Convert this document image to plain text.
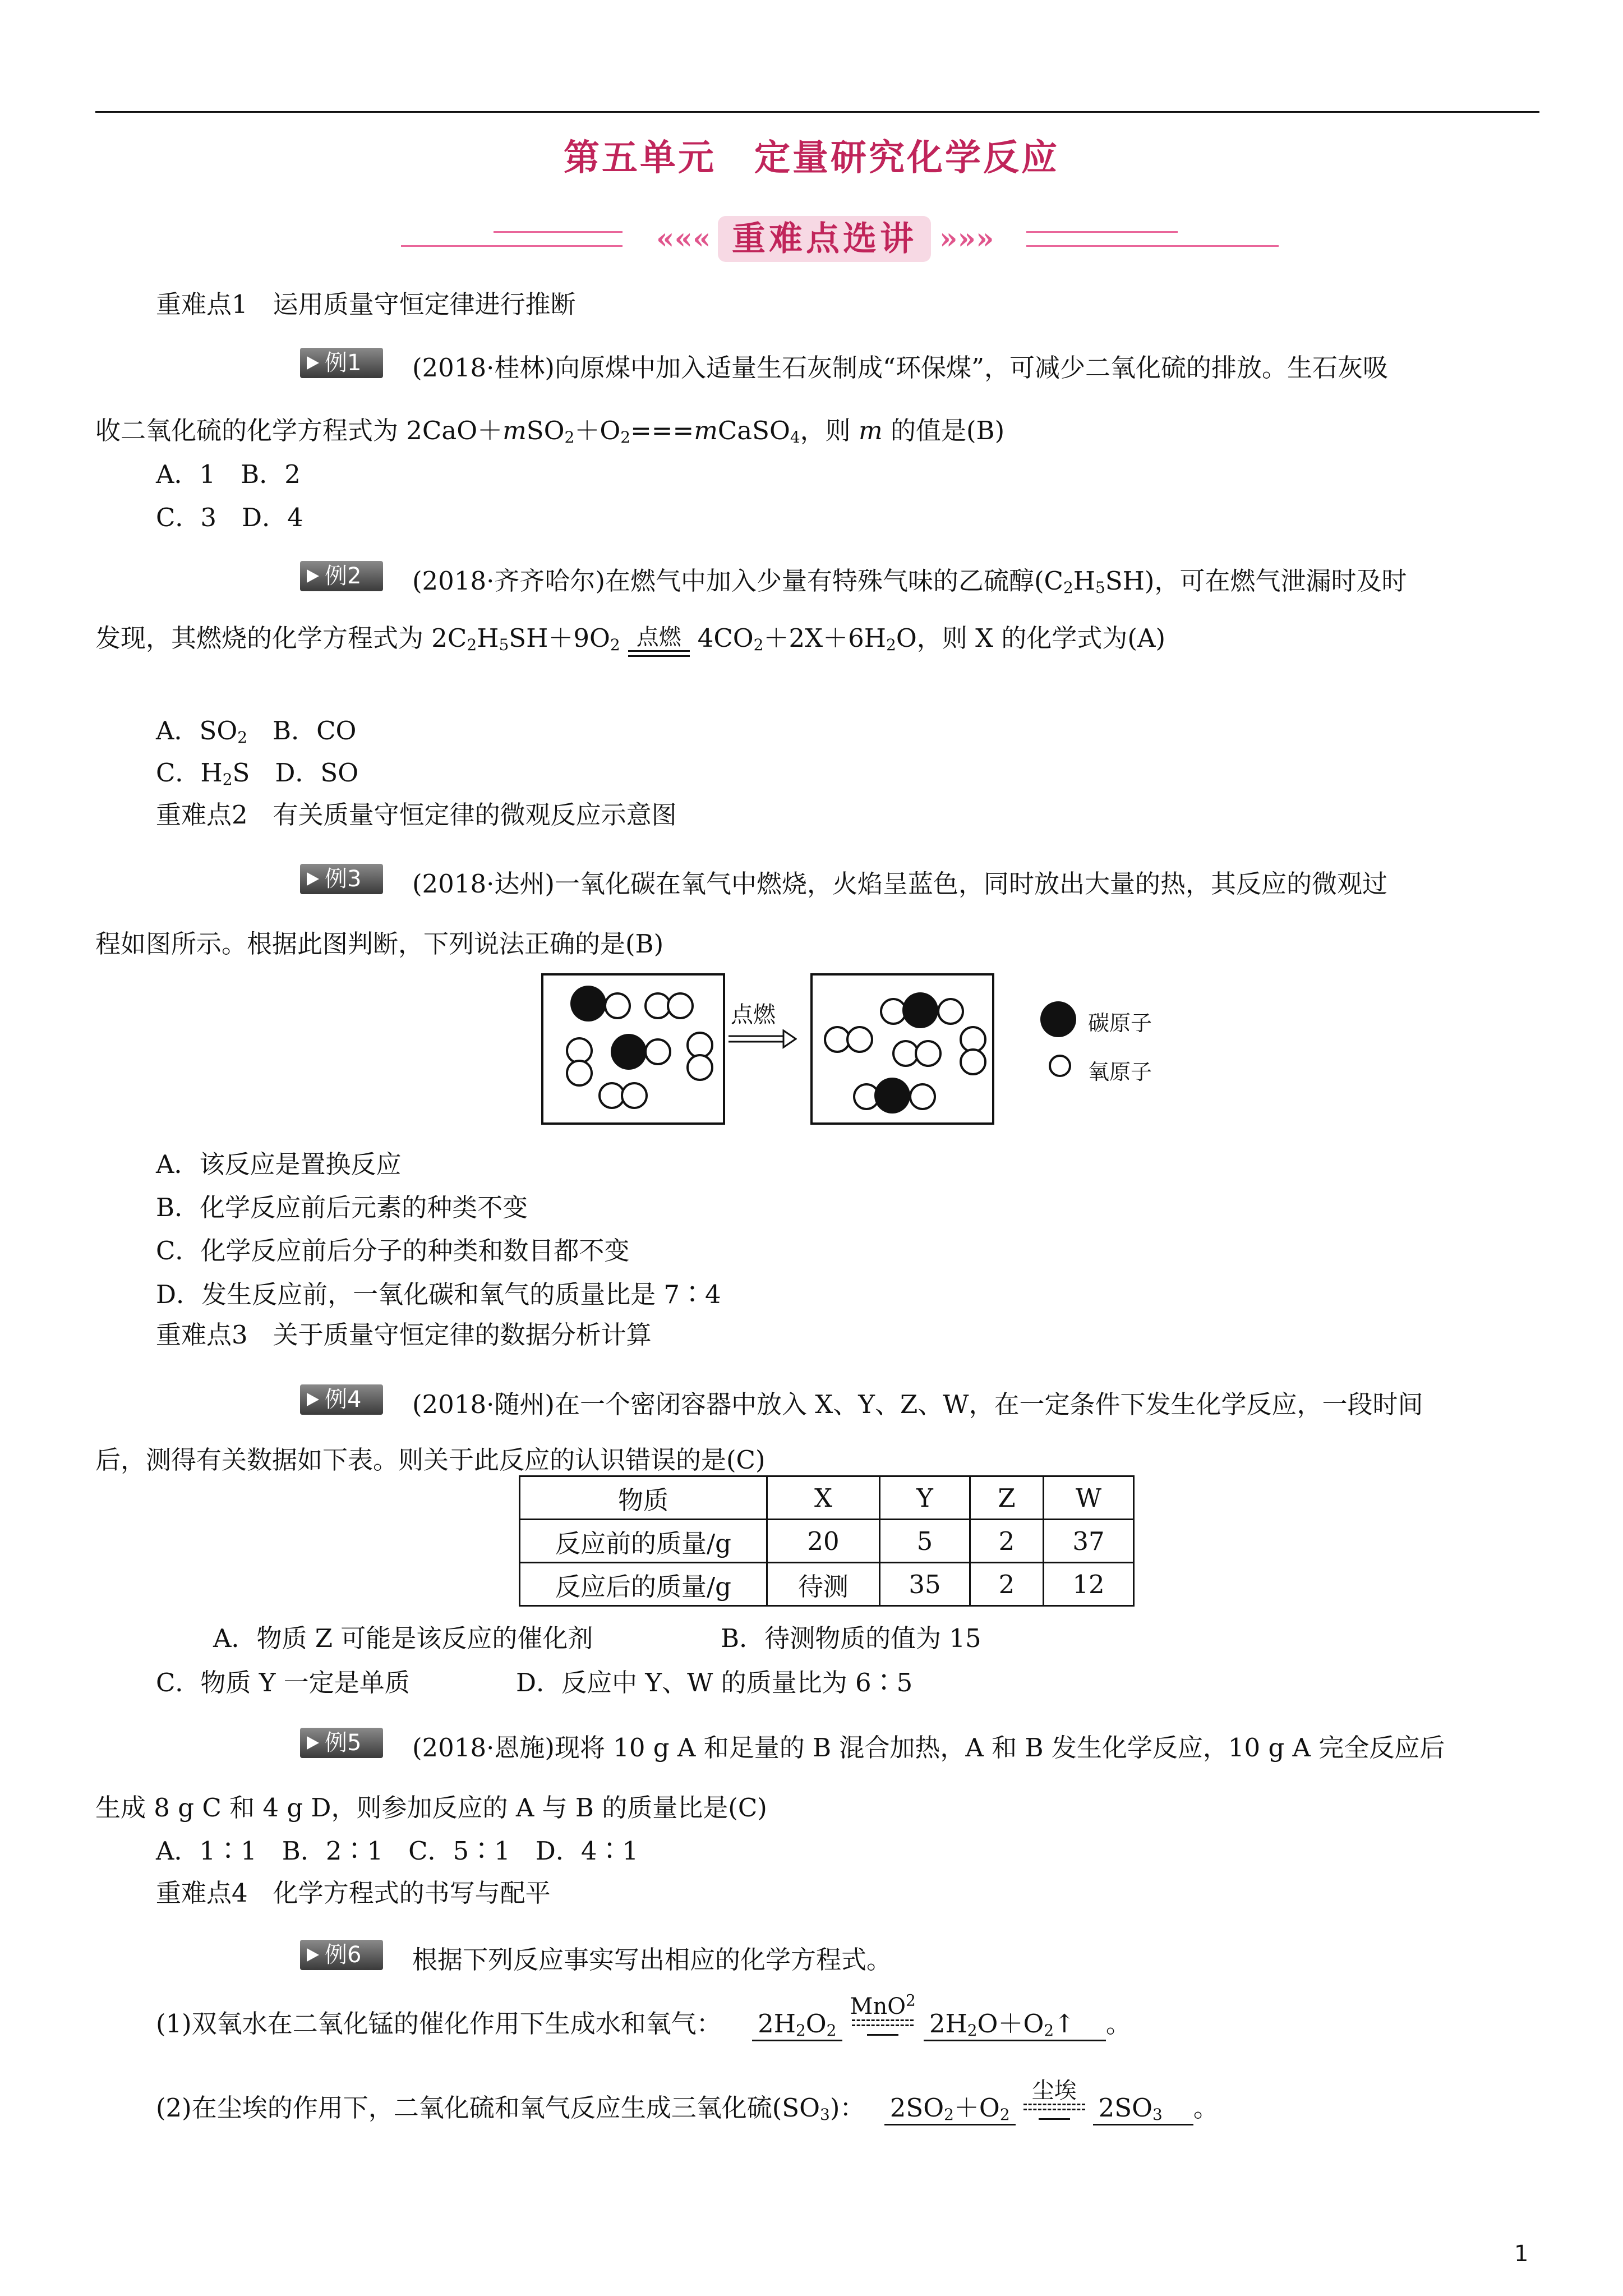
第五单元　定量研究化学反应
««« 重难点选讲 »»»
重难点1　运用质量守恒定律进行推断
例1 (2018·桂林)向原煤中加入适量生石灰制成“环保煤”，可减少二氧化硫的排放。生石灰吸
收二氧化硫的化学方程式为 $2CaO+mSO_2+O_2===mCaSO_4$，则 m 的值是(B)
A．1　B．2
C．3　D．4
例2 (2018·齐齐哈尔)在燃气中加入少量有特殊气味的乙硫醇$(C_2H_5SH)$，可在燃气泄漏时及时
发现，其燃烧的化学方程式为 $2C_2H_5SH+9O_2$ 点燃 $4CO_2+2X+6H_2O$，则 X 的化学式为(A)
A．$SO_2$　B．CO
C．$H_2S$　D．SO
重难点2　有关质量守恒定律的微观反应示意图
例3 (2018·达州)一氧化碳在氧气中燃烧，火焰呈蓝色，同时放出大量的热，其反应的微观过
程如图所示。根据此图判断，下列说法正确的是(B)
点燃	碳原子
氧原子
A．该反应是置换反应
B．化学反应前后元素的种类不变
C．化学反应前后分子的种类和数目都不变
D．发生反应前，一氧化碳和氧气的质量比是 7∶4
重难点3　关于质量守恒定律的数据分析计算
例4 (2018·随州)在一个密闭容器中放入 X、Y、Z、W，在一定条件下发生化学反应，一段时间
后，测得有关数据如下表。则关于此反应的认识错误的是(C)
物质	X	Y	Z	W
反应前的质量/g	20	5	2	37
反应后的质量/g	待测	35	2	12
A．物质 Z 可能是该反应的催化剂	B．待测物质的值为 15
C．物质 Y 一定是单质	D．反应中 Y、W 的质量比为 6∶5
例5 (2018·恩施)现将 10 g A 和足量的 B 混合加热，A 和 B 发生化学反应，10 g A 完全反应后
生成 8 g C 和 4 g D，则参加反应的 A 与 B 的质量比是(C)
A．1∶1　B．2∶1　C．5∶1　D．4∶1
重难点4　化学方程式的书写与配平
例6 根据下列反应事实写出相应的化学方程式。
(1)双氧水在二氧化锰的催化作用下生成水和氧气： $2H_2O_2$
MnO$^2$
$2H_2O+O_2↑$　 。
(2)在尘埃的作用下，二氧化硫和氧气反应生成三氧化硫$(SO_3)$： $2SO_2+O_2$
尘埃
$2SO_3$　 。
1
